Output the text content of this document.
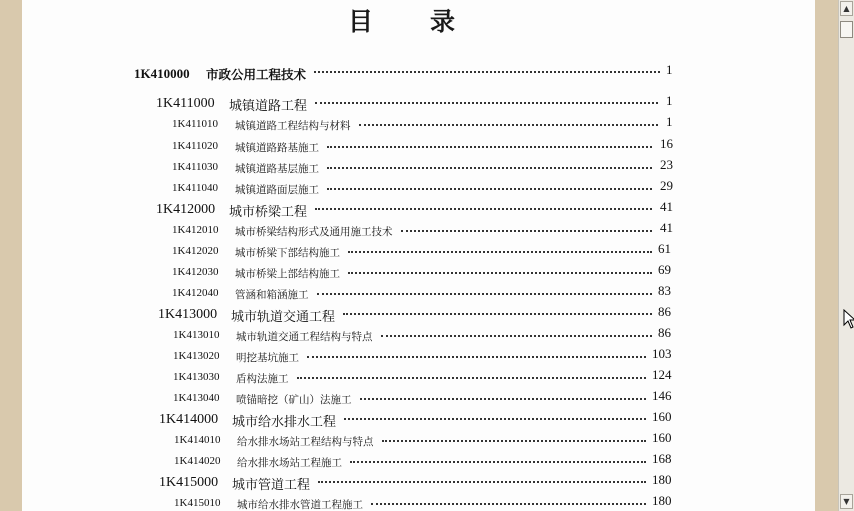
目 录
1K410000 市政公用工程技术	1
1K411000 城镇道路工程	1
1K411010 城镇道路工程结构与材料	1
1K411020 城镇道路路基施工	16
1K411030 城镇道路基层施工	23
1K411040 城镇道路面层施工	29
1K412000 城市桥梁工程	41
1K412010 城市桥梁结构形式及通用施工技术	41
1K412020 城市桥梁下部结构施工	61
1K412030 城市桥梁上部结构施工	69
1K412040 管涵和箱涵施工	83
1K413000 城市轨道交通工程	86
1K413010 城市轨道交通工程结构与特点	86
1K413020 明挖基坑施工	103
1K413030 盾构法施工	124
1K413040 喷锚暗挖（矿山）法施工	146
1K414000 城市给水排水工程	160
1K414010 给水排水场站工程结构与特点	160
1K414020 给水排水场站工程施工	168
1K415000 城市管道工程	180
1K415010 城市给水排水管道工程施工	180
▲
▼
